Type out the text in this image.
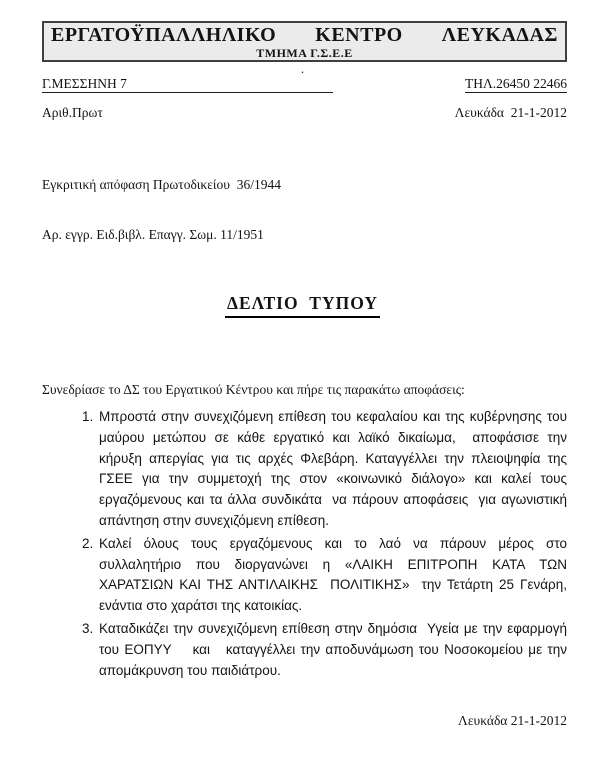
ΕΡΓΑΤΟΫΠΑΛΛΗΛΙΚΟ ΚΕΝΤΡΟ ΛΕΥΚΑΔΑΣ
ΤΜΗΜΑ Γ.Σ.Ε.Ε
.
Γ.ΜΕΣΣΗΝΗ 7	ΤΗΛ.26450 22466
Αριθ.Πρωτ	Λευκάδα  21-1-2012

Εγκριτική απόφαση Πρωτοδικείου  36/1944

Αρ. εγγρ. Ειδ.βιβλ. Επαγγ. Σωμ. 11/1951

ΔΕΛΤΙΟ  ΤΥΠΟΥ
Συνεδρίασε το ΔΣ του Εργατικού Κέντρου και πήρε τις παρακάτω αποφάσεις:
1. Μπροστά στην συνεχιζόμενη επίθεση του κεφαλαίου και της κυβέρνησης του μαύρου μετώπου σε κάθε εργατικό και λαϊκό δικαίωμα,  αποφάσισε την κήρυξη απεργίας για τις αρχές Φλεβάρη. Καταγγέλλει την πλειοψηφία της ΓΣΕΕ για την συμμετοχή της στον «κοινωνικό διάλογο» και καλεί τους εργαζόμενους και τα άλλα συνδικάτα  να πάρουν αποφάσεις  για αγωνιστική απάντηση στην συνεχιζόμενη επίθεση.
2. Καλεί όλους τους εργαζόμενους και το λαό να πάρουν μέρος στο συλλαλητήριο που διοργανώνει η «ΛΑΙΚΗ ΕΠΙΤΡΟΠΗ ΚΑΤΑ ΤΩΝ ΧΑΡΑΤΣΙΩΝ ΚΑΙ ΤΗΣ ΑΝΤΙΛΑΙΚΗΣ  ΠΟΛΙΤΙΚΗΣ»  την Τετάρτη 25 Γενάρη, ενάντια στο χαράτσι της κατοικίας.
3. Καταδικάζει την συνεχιζόμενη επίθεση στην δημόσια  Υγεία με την εφαρμογή του ΕΟΠΥΥ    και   καταγγέλλει την αποδυνάμωση του Νοσοκομείου με την απομάκρυνση του παιδιάτρου.
Λευκάδα 21-1-2012
